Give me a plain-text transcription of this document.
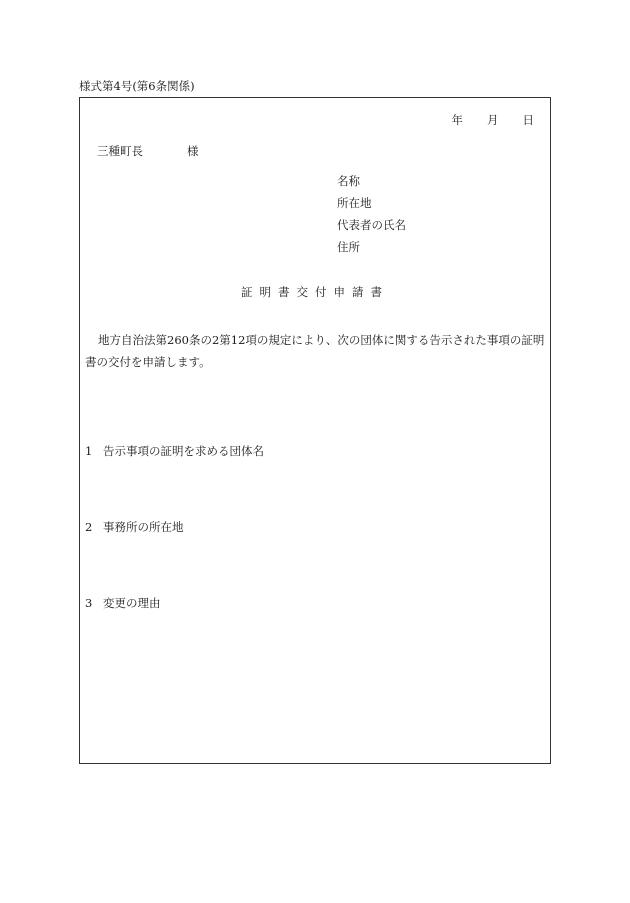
様式第4号(第6条関係)
年 月 日
三種町長	様
名称
所在地
代表者の氏名
住所
証明書交付申請書
地方自治法第260条の2第12項の規定により、次の団体に関する告示された事項の証明書の交付を申請します。
1 告示事項の証明を求める団体名
2 事務所の所在地
3 変更の理由
